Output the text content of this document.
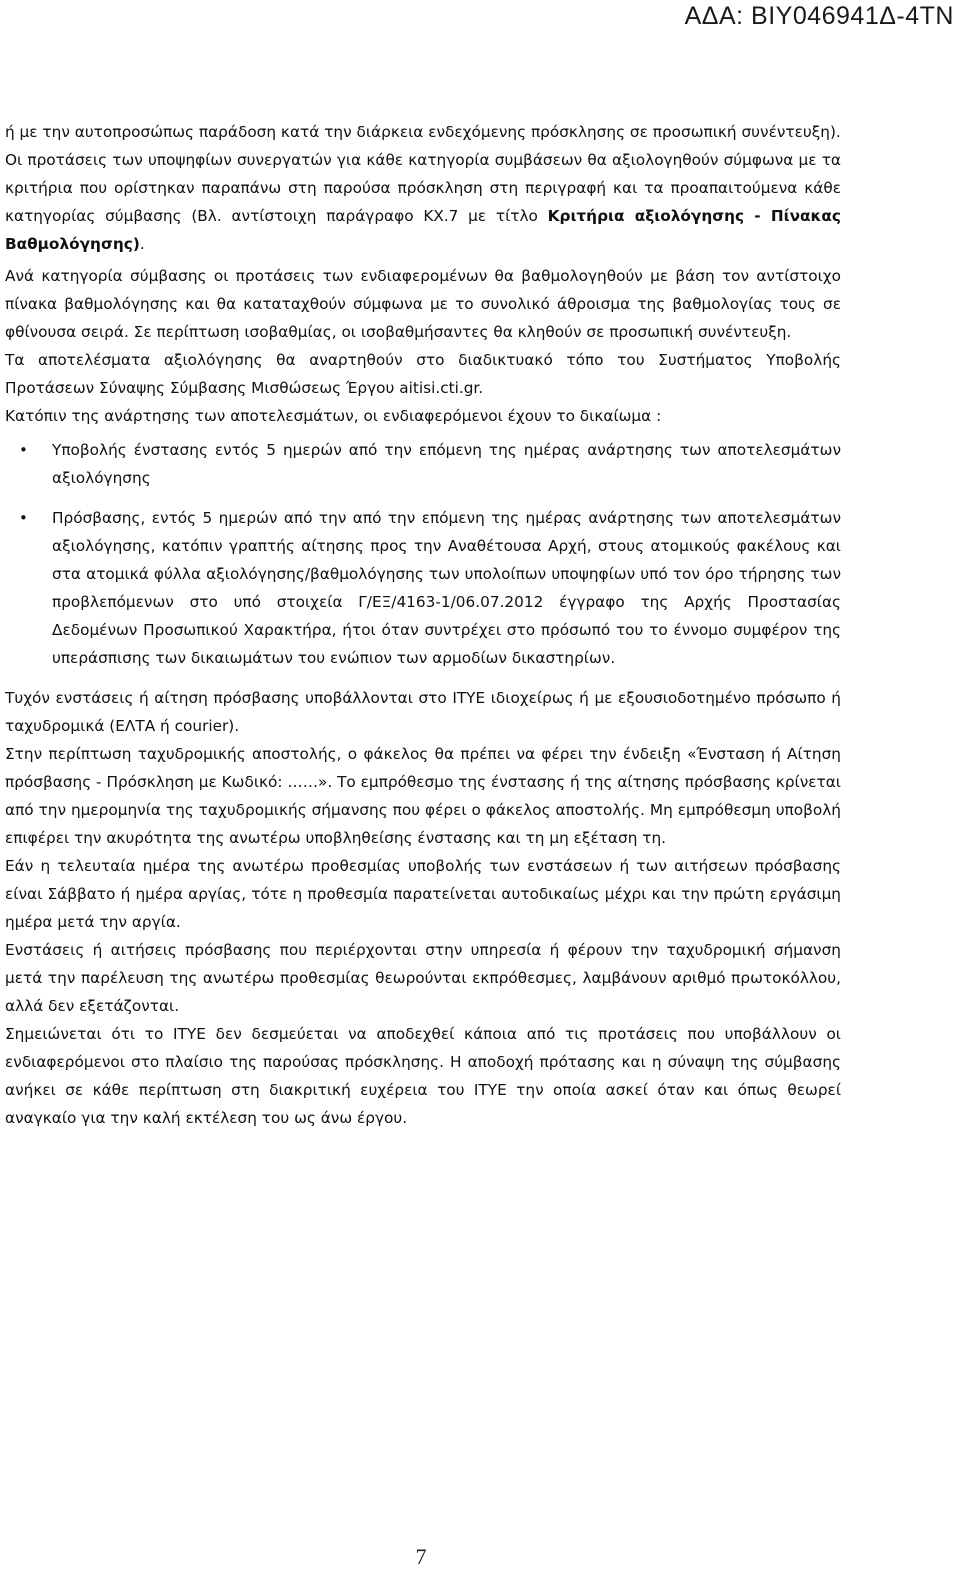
ΑΔΑ: ΒΙΥ046941Δ-4ΤΝ

ή με την αυτοπροσώπως παράδοση κατά την διάρκεια ενδεχόμενης πρόσκλησης σε προσωπική συνέντευξη).

Οι προτάσεις των υποψηφίων συνεργατών για κάθε κατηγορία συμβάσεων θα αξιολογηθούν σύμφωνα με τα κριτήρια που ορίστηκαν παραπάνω στη παρούσα πρόσκληση στη περιγραφή και τα προαπαιτούμενα κάθε κατηγορίας σύμβασης (Βλ. αντίστοιχη παράγραφο ΚΧ.7 με τίτλο Κριτήρια αξιολόγησης - Πίνακας Βαθμολόγησης).

Ανά κατηγορία σύμβασης οι προτάσεις των ενδιαφερομένων θα βαθμολογηθούν με βάση τον αντίστοιχο πίνακα βαθμολόγησης και θα καταταχθούν σύμφωνα με το συνολικό άθροισμα της βαθμολογίας τους σε φθίνουσα σειρά. Σε περίπτωση ισοβαθμίας, οι ισοβαθμήσαντες θα κληθούν σε προσωπική συνέντευξη.

Τα αποτελέσματα αξιολόγησης θα αναρτηθούν στο διαδικτυακό τόπο του Συστήματος Υποβολής Προτάσεων Σύναψης Σύμβασης Μισθώσεως Έργου aitisi.cti.gr.

Κατόπιν της ανάρτησης των αποτελεσμάτων, οι ενδιαφερόμενοι έχουν το δικαίωμα :

• Υποβολής ένστασης εντός 5 ημερών από την επόμενη της ημέρας ανάρτησης των αποτελεσμάτων αξιολόγησης
• Πρόσβασης, εντός 5 ημερών από την από την επόμενη της ημέρας ανάρτησης των αποτελεσμάτων αξιολόγησης, κατόπιν γραπτής αίτησης προς την Αναθέτουσα Αρχή, στους ατομικούς φακέλους και στα ατομικά φύλλα αξιολόγησης/βαθμολόγησης των υπολοίπων υποψηφίων υπό τον όρο τήρησης των προβλεπόμενων στο υπό στοιχεία Γ/ΕΞ/4163-1/06.07.2012 έγγραφο της Αρχής Προστασίας Δεδομένων Προσωπικού Χαρακτήρα, ήτοι όταν συντρέχει στο πρόσωπό του το έννομο συμφέρον της υπεράσπισης των δικαιωμάτων του ενώπιον των αρμοδίων δικαστηρίων.

Τυχόν ενστάσεις ή αίτηση πρόσβασης υποβάλλονται στο ΙΤΥΕ ιδιοχείρως ή με εξουσιοδοτημένο πρόσωπο ή ταχυδρομικά (ΕΛΤΑ ή courier).

Στην περίπτωση ταχυδρομικής αποστολής, ο φάκελος θα πρέπει να φέρει την ένδειξη «Ένσταση ή Αίτηση πρόσβασης - Πρόσκληση με Κωδικό: ……». Το εμπρόθεσμο της ένστασης ή της αίτησης πρόσβασης κρίνεται από την ημερομηνία της ταχυδρομικής σήμανσης που φέρει ο φάκελος αποστολής. Μη εμπρόθεσμη υποβολή επιφέρει την ακυρότητα της ανωτέρω υποβληθείσης ένστασης και τη μη εξέταση τη.

Εάν η τελευταία ημέρα της ανωτέρω προθεσμίας υποβολής των ενστάσεων ή των αιτήσεων πρόσβασης είναι Σάββατο ή ημέρα αργίας, τότε η προθεσμία παρατείνεται αυτοδικαίως μέχρι και την πρώτη εργάσιμη ημέρα μετά την αργία.

Ενστάσεις ή αιτήσεις πρόσβασης που περιέρχονται στην υπηρεσία ή φέρουν την ταχυδρομική σήμανση μετά την παρέλευση της ανωτέρω προθεσμίας θεωρούνται εκπρόθεσμες, λαμβάνουν αριθμό πρωτοκόλλου, αλλά δεν εξετάζονται.

Σημειώνεται ότι το ΙΤΥΕ δεν δεσμεύεται να αποδεχθεί κάποια από τις προτάσεις που υποβάλλουν οι ενδιαφερόμενοι στο πλαίσιο της παρούσας πρόσκλησης. Η αποδοχή πρότασης και η σύναψη της σύμβασης ανήκει σε κάθε περίπτωση στη διακριτική ευχέρεια του ΙΤΥΕ την οποία ασκεί όταν και όπως θεωρεί αναγκαίο για την καλή εκτέλεση του ως άνω έργου.

7
